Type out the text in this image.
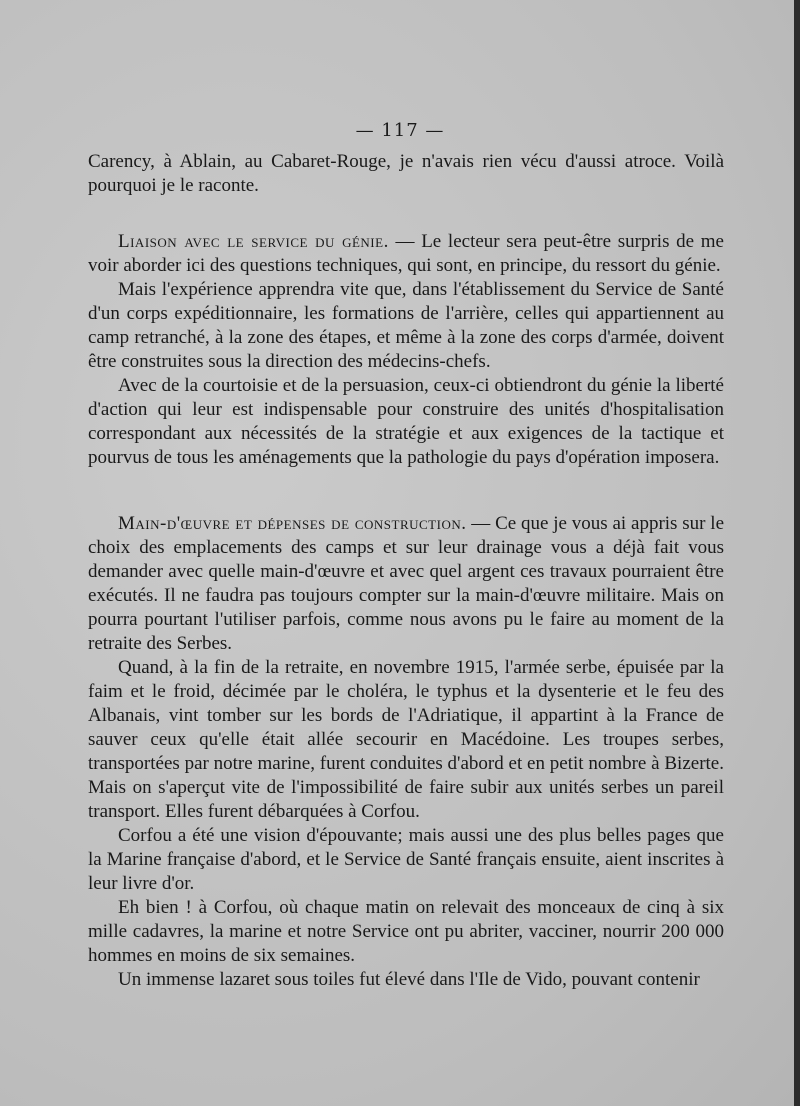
— 117 —

Carency, à Ablain, au Cabaret-Rouge, je n'avais rien vécu d'aussi atroce. Voilà pourquoi je le raconte.

Liaison avec le service du génie. — Le lecteur sera peut-être surpris de me voir aborder ici des questions techniques, qui sont, en principe, du ressort du génie.

Mais l'expérience apprendra vite que, dans l'établissement du Service de Santé d'un corps expéditionnaire, les formations de l'arrière, celles qui appartiennent au camp retranché, à la zone des étapes, et même à la zone des corps d'armée, doivent être construites sous la direction des médecins-chefs.

Avec de la courtoisie et de la persuasion, ceux-ci obtiendront du génie la liberté d'action qui leur est indispensable pour construire des unités d'hospitalisation correspondant aux nécessités de la stratégie et aux exigences de la tactique et pourvus de tous les aménagements que la pathologie du pays d'opération imposera.

Main-d'œuvre et dépenses de construction. — Ce que je vous ai appris sur le choix des emplacements des camps et sur leur drainage vous a déjà fait vous demander avec quelle main-d'œuvre et avec quel argent ces travaux pourraient être exécutés. Il ne faudra pas toujours compter sur la main-d'œuvre militaire. Mais on pourra pourtant l'utiliser parfois, comme nous avons pu le faire au moment de la retraite des Serbes.

Quand, à la fin de la retraite, en novembre 1915, l'armée serbe, épuisée par la faim et le froid, décimée par le choléra, le typhus et la dysenterie et le feu des Albanais, vint tomber sur les bords de l'Adriatique, il appartint à la France de sauver ceux qu'elle était allée secourir en Macédoine. Les troupes serbes, transportées par notre marine, furent conduites d'abord et en petit nombre à Bizerte. Mais on s'aperçut vite de l'impossibilité de faire subir aux unités serbes un pareil transport. Elles furent débarquées à Corfou.

Corfou a été une vision d'épouvante; mais aussi une des plus belles pages que la Marine française d'abord, et le Service de Santé français ensuite, aient inscrites à leur livre d'or.

Eh bien ! à Corfou, où chaque matin on relevait des monceaux de cinq à six mille cadavres, la marine et notre Service ont pu abriter, vacciner, nourrir 200 000 hommes en moins de six semaines.

Un immense lazaret sous toiles fut élevé dans l'Ile de Vido, pouvant contenir
